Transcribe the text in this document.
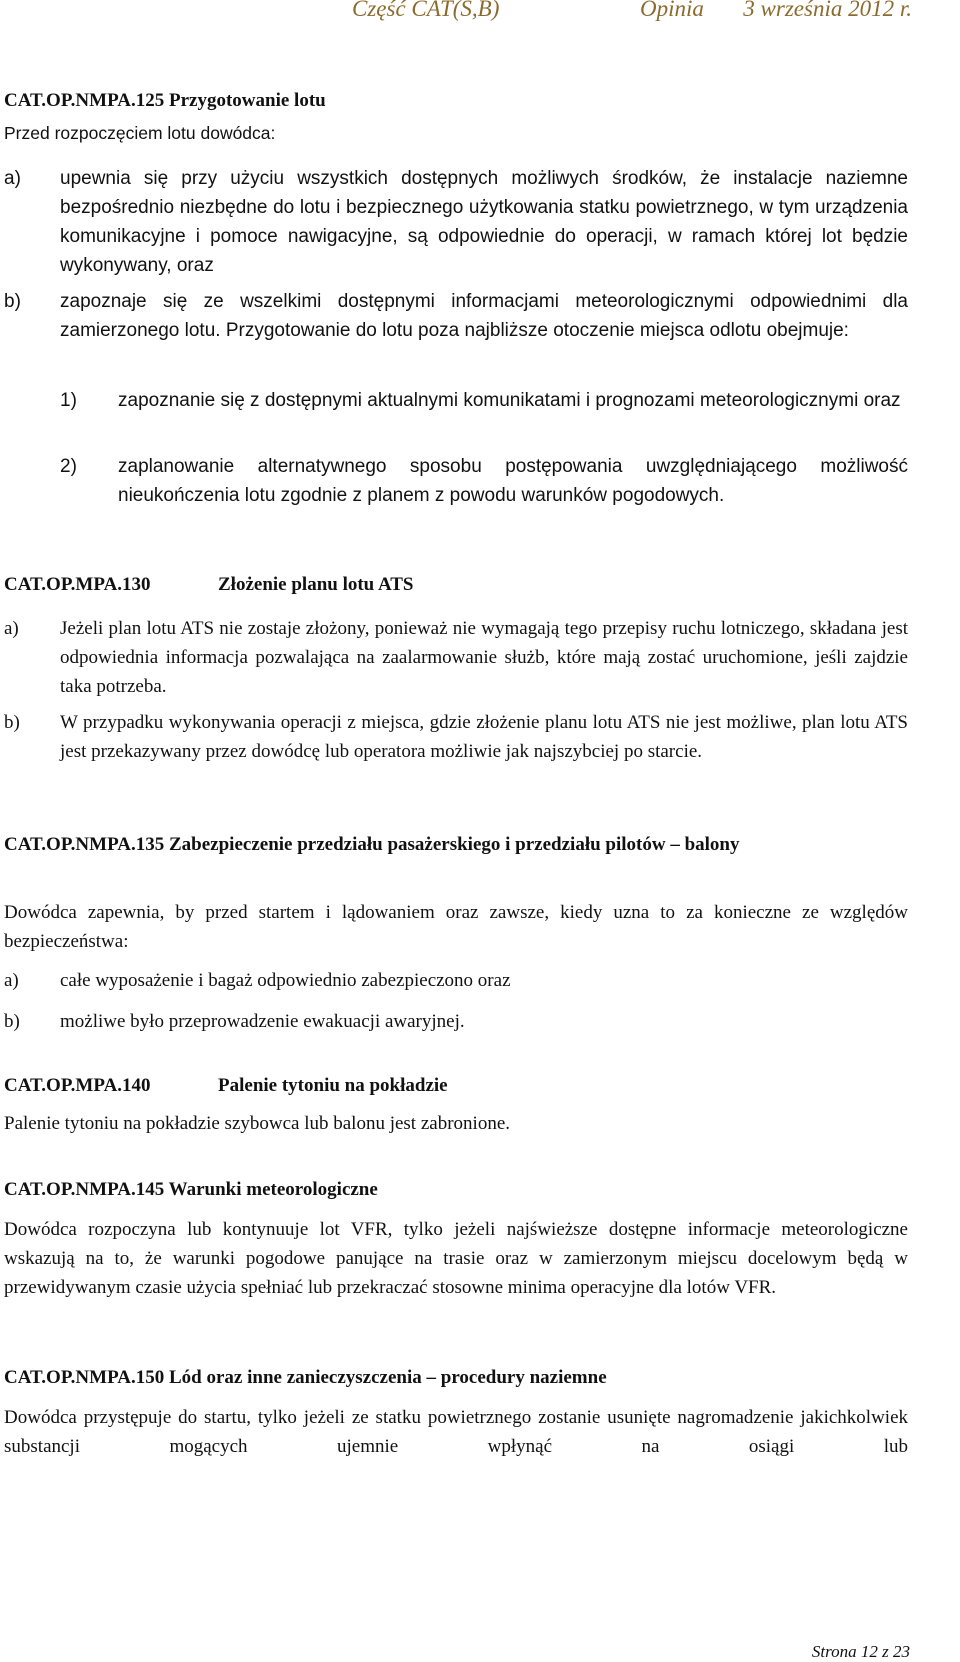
Część CAT(S,B)	Opinia 3 września 2012 r.
CAT.OP.NMPA.125 Przygotowanie lotu
Przed rozpoczęciem lotu dowódca:
a) upewnia się przy użyciu wszystkich dostępnych możliwych środków, że instalacje naziemne bezpośrednio niezbędne do lotu i bezpiecznego użytkowania statku powietrznego, w tym urządzenia komunikacyjne i pomoce nawigacyjne, są odpowiednie do operacji, w ramach której lot będzie wykonywany, oraz
b) zapoznaje się ze wszelkimi dostępnymi informacjami meteorologicznymi odpowiednimi dla zamierzonego lotu. Przygotowanie do lotu poza najbliższe otoczenie miejsca odlotu obejmuje:
1) zapoznanie się z dostępnymi aktualnymi komunikatami i prognozami meteorologicznymi oraz
2) zaplanowanie alternatywnego sposobu postępowania uwzględniającego możliwość nieukończenia lotu zgodnie z planem z powodu warunków pogodowych.
CAT.OP.MPA.130	Złożenie planu lotu ATS
a) Jeżeli plan lotu ATS nie zostaje złożony, ponieważ nie wymagają tego przepisy ruchu lotniczego, składana jest odpowiednia informacja pozwalająca na zaalarmowanie służb, które mają zostać uruchomione, jeśli zajdzie taka potrzeba.
b) W przypadku wykonywania operacji z miejsca, gdzie złożenie planu lotu ATS nie jest możliwe, plan lotu ATS jest przekazywany przez dowódcę lub operatora możliwie jak najszybciej po starcie.
CAT.OP.NMPA.135 Zabezpieczenie przedziału pasażerskiego i przedziału pilotów – balony
Dowódca zapewnia, by przed startem i lądowaniem oraz zawsze, kiedy uzna to za konieczne ze względów bezpieczeństwa:
a) całe wyposażenie i bagaż odpowiednio zabezpieczono oraz
b) możliwe było przeprowadzenie ewakuacji awaryjnej.
CAT.OP.MPA.140	Palenie tytoniu na pokładzie
Palenie tytoniu na pokładzie szybowca lub balonu jest zabronione.
CAT.OP.NMPA.145 Warunki meteorologiczne
Dowódca rozpoczyna lub kontynuuje lot VFR, tylko jeżeli najświeższe dostępne informacje meteorologiczne wskazują na to, że warunki pogodowe panujące na trasie oraz w zamierzonym miejscu docelowym będą w przewidywanym czasie użycia spełniać lub przekraczać stosowne minima operacyjne dla lotów VFR.
CAT.OP.NMPA.150 Lód oraz inne zanieczyszczenia – procedury naziemne
Dowódca przystępuje do startu, tylko jeżeli ze statku powietrznego zostanie usunięte nagromadzenie jakichkolwiek substancji mogących ujemnie wpłynąć na osiągi lub
Strona 12 z 23
